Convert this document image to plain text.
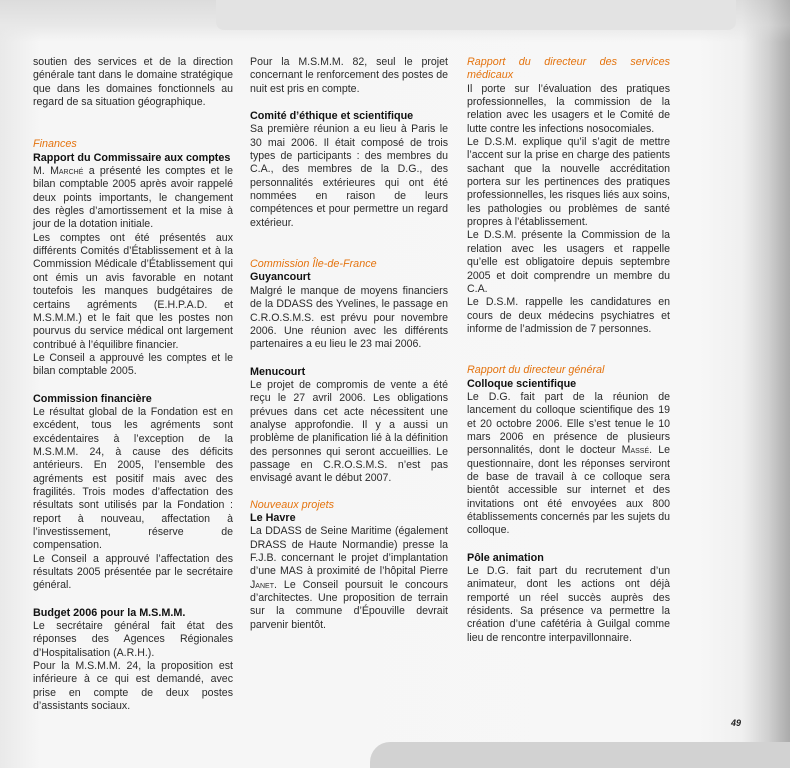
49

soutien des services et de la direction générale tant dans le domaine stratégique que dans les domaines fonctionnels au regard de sa situation géographique.

Finances

Rapport du Commissaire aux comptes

M. Marché a présenté les comptes et le bilan comptable 2005 après avoir rappelé deux points importants, le changement des règles d’amortissement et la mise à jour de la dotation initiale.

Les comptes ont été présentés aux différents Comités d’Établissement et à la Commission Médicale d’Établissement qui ont émis un avis favorable en notant toutefois les manques budgétaires de certains agréments (E.H.P.A.D. et M.S.M.M.) et le fait que les postes non pourvus du service médical ont largement contribué à l’équilibre financier.

Le Conseil a approuvé les comptes et le bilan comptable 2005.

Commission financière

Le résultat global de la Fondation est en excédent, tous les agréments sont excédentaires à l’exception de la M.S.M.M. 24, à cause des déficits antérieurs. En 2005, l’ensemble des agréments est positif mais avec des fragilités. Trois modes d’affectation des résultats sont utilisés par la Fondation : report à nouveau, affectation à l’investissement, réserve de compensation.

Le Conseil a approuvé l’affectation des résultats 2005 présentée par le secrétaire général.

Budget 2006 pour la M.S.M.M.

Le secrétaire général fait état des réponses des Agences Régionales d’Hospitalisation (A.R.H.).

Pour la M.S.M.M. 24, la proposition est inférieure à ce qui est demandé, avec prise en compte de deux postes d’assistants sociaux.

Pour la M.S.M.M. 82, seul le projet concernant le renforcement des postes de nuit est pris en compte.

Comité d’éthique et scientifique

Sa première réunion a eu lieu à Paris le 30 mai 2006. Il était composé de trois types de participants : des membres du C.A., des membres de la D.G., des personnalités extérieures qui ont été nommées en raison de leurs compétences et pour permettre un regard extérieur.

Commission Île-de-France

Guyancourt

Malgré le manque de moyens financiers de la DDASS des Yvelines, le passage en C.R.O.S.M.S. est prévu pour novembre 2006. Une réunion avec les différents partenaires a eu lieu le 23 mai 2006.

Menucourt

Le projet de compromis de vente a été reçu le 27 avril 2006. Les obligations prévues dans cet acte nécessitent une analyse approfondie. Il y a aussi un problème de planification lié à la définition des personnes qui seront accueillies. Le passage en C.R.O.S.M.S. n’est pas envisagé avant le début 2007.

Nouveaux projets

Le Havre

La DDASS de Seine Maritime (également DRASS de Haute Normandie) presse la F.J.B. concernant le projet d’implantation d’une MAS à proximité de l’hôpital Pierre Janet. Le Conseil poursuit le concours d’architectes. Une proposition de terrain sur la commune d’Épouville devrait parvenir bientôt.

Rapport du directeur des services médicaux

Il porte sur l’évaluation des pratiques professionnelles, la commission de la relation avec les usagers et le Comité de lutte contre les infections nosocomiales.

Le D.S.M. explique qu’il s’agit de mettre l’accent sur la prise en charge des patients sachant que la nouvelle accréditation portera sur les pertinences des pratiques professionnelles, les risques liés aux soins, les pathologies ou problèmes de santé propres à l’établissement.

Le D.S.M. présente la Commission de la relation avec les usagers et rappelle qu’elle est obligatoire depuis septembre 2005 et doit comprendre un membre du C.A.

Le D.S.M. rappelle les candidatures en cours de deux médecins psychiatres et informe de l’admission de 7 personnes.

Rapport du directeur général

Colloque scientifique

Le D.G. fait part de la réunion de lancement du colloque scientifique des 19 et 20 octobre 2006. Elle s’est tenue le 10 mars 2006 en présence de plusieurs personnalités, dont le docteur Massé. Le questionnaire, dont les réponses serviront de base de travail à ce colloque sera bientôt accessible sur internet et des invitations ont été envoyées aux 800 établissements concernés par les sujets du colloque.

Pôle animation

Le D.G. fait part du recrutement d’un animateur, dont les actions ont déjà remporté un réel succès auprès des résidents. Sa présence va permettre la création d’une cafétéria à Guilgal comme lieu de rencontre interpavillonnaire.
